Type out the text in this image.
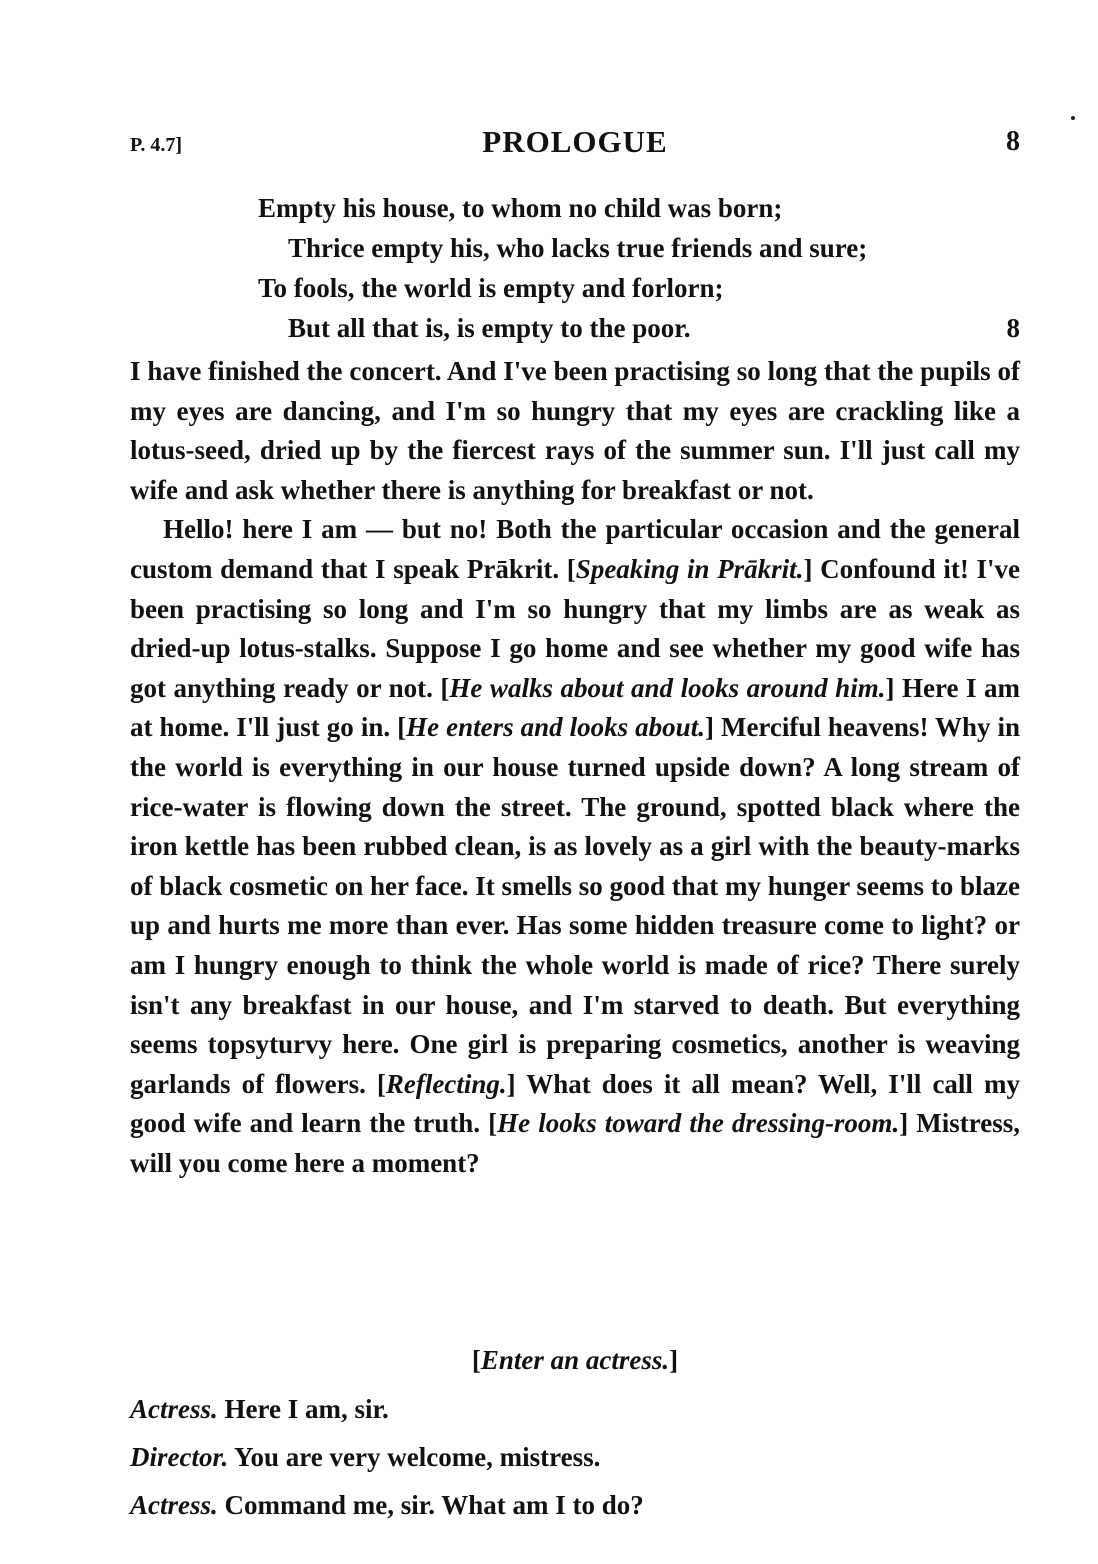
P. 4.7]	PROLOGUE	8
Empty his house, to whom no child was born;
Thrice empty his, who lacks true friends and sure;
To fools, the world is empty and forlorn;
But all that is, is empty to the poor.	8

I have finished the concert. And I've been practising so long that the pupils of my eyes are dancing, and I'm so hungry that my eyes are crackling like a lotus-seed, dried up by the fiercest rays of the summer sun. I'll just call my wife and ask whether there is anything for breakfast or not.

Hello! here I am — but no! Both the particular occasion and the general custom demand that I speak Prākrit. [Speaking in Prākrit.] Confound it! I've been practising so long and I'm so hungry that my limbs are as weak as dried-up lotus-stalks. Suppose I go home and see whether my good wife has got anything ready or not. [He walks about and looks around him.] Here I am at home. I'll just go in. [He enters and looks about.] Merciful heavens! Why in the world is everything in our house turned upside down? A long stream of rice-water is flowing down the street. The ground, spotted black where the iron kettle has been rubbed clean, is as lovely as a girl with the beauty-marks of black cosmetic on her face. It smells so good that my hunger seems to blaze up and hurts me more than ever. Has some hidden treasure come to light? or am I hungry enough to think the whole world is made of rice? There surely isn't any breakfast in our house, and I'm starved to death. But everything seems topsyturvy here. One girl is preparing cosmetics, another is weaving garlands of flowers. [Reflecting.] What does it all mean? Well, I'll call my good wife and learn the truth. [He looks toward the dressing-room.] Mistress, will you come here a moment?

[Enter an actress.]
Actress. Here I am, sir.
Director. You are very welcome, mistress.
Actress. Command me, sir. What am I to do?
